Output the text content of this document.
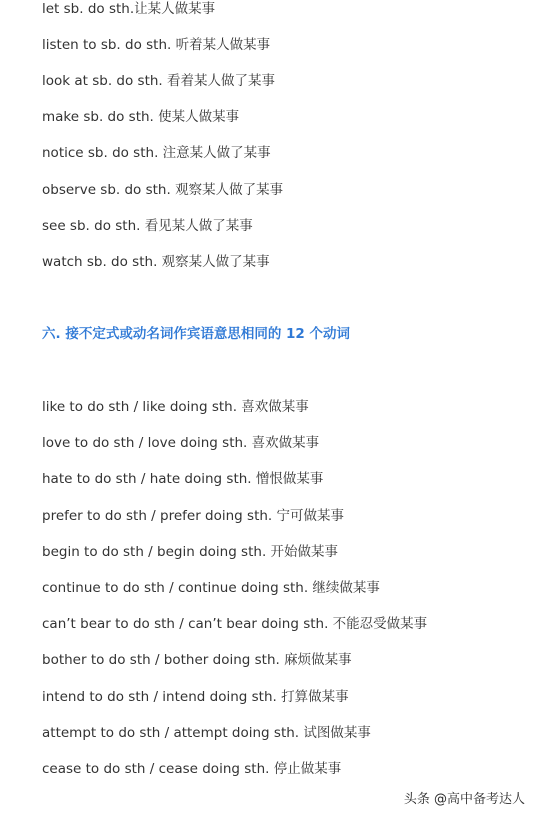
let sb. do sth.让某人做某事
listen to sb. do sth. 听着某人做某事
look at sb. do sth. 看着某人做了某事
make sb. do sth. 使某人做某事
notice sb. do sth. 注意某人做了某事
observe sb. do sth. 观察某人做了某事
see sb. do sth. 看见某人做了某事
watch sb. do sth. 观察某人做了某事
六. 接不定式或动名词作宾语意思相同的 12 个动词
like to do sth / like doing sth. 喜欢做某事
love to do sth / love doing sth. 喜欢做某事
hate to do sth / hate doing sth. 憎恨做某事
prefer to do sth / prefer doing sth. 宁可做某事
begin to do sth / begin doing sth. 开始做某事
continue to do sth / continue doing sth. 继续做某事
can’t bear to do sth / can’t bear doing sth. 不能忍受做某事
bother to do sth / bother doing sth. 麻烦做某事
intend to do sth / intend doing sth. 打算做某事
attempt to do sth / attempt doing sth. 试图做某事
cease to do sth / cease doing sth. 停止做某事
头条 @高中备考达人
